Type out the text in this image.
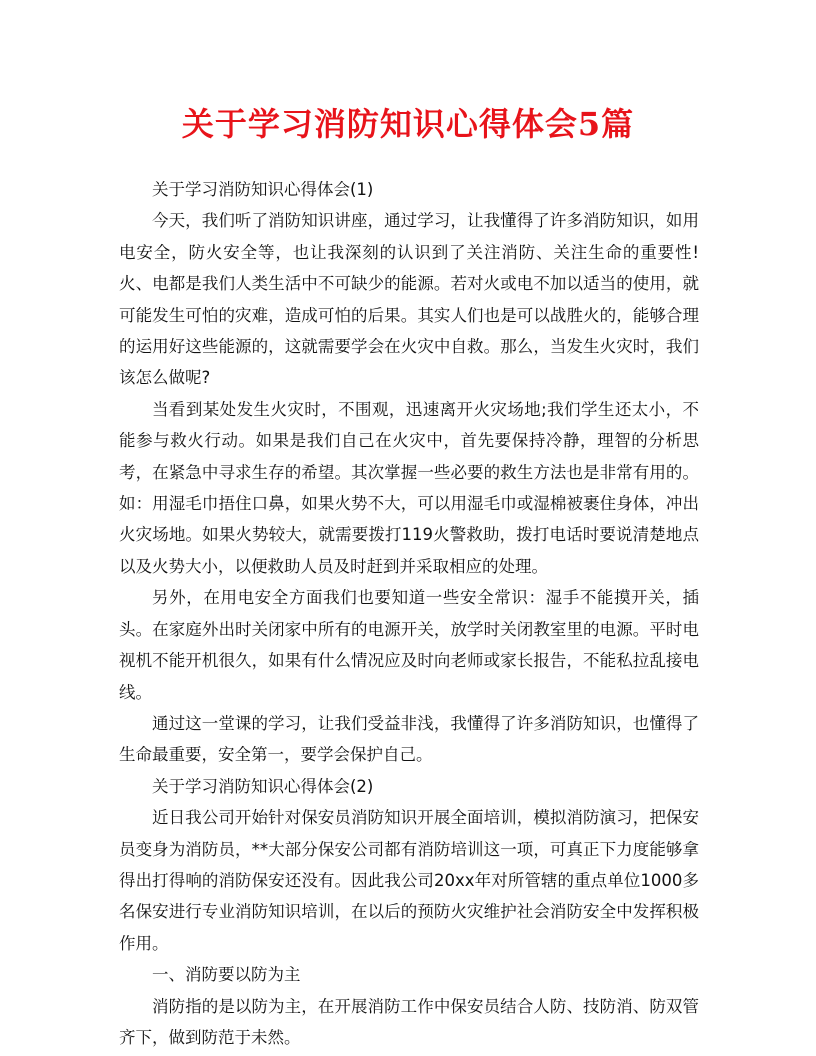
关于学习消防知识心得体会5篇

关于学习消防知识心得体会(1)

今天，我们听了消防知识讲座，通过学习，让我懂得了许多消防知识，如用电安全，防火安全等，也让我深刻的认识到了关注消防、关注生命的重要性!火、电都是我们人类生活中不可缺少的能源。若对火或电不加以适当的使用，就可能发生可怕的灾难，造成可怕的后果。其实人们也是可以战胜火的，能够合理的运用好这些能源的，这就需要学会在火灾中自救。那么，当发生火灾时，我们该怎么做呢?

当看到某处发生火灾时，不围观，迅速离开火灾场地;我们学生还太小，不能参与救火行动。如果是我们自己在火灾中，首先要保持冷静，理智的分析思考，在紧急中寻求生存的希望。其次掌握一些必要的救生方法也是非常有用的。如：用湿毛巾捂住口鼻，如果火势不大，可以用湿毛巾或湿棉被裹住身体，冲出火灾场地。如果火势较大，就需要拨打119火警救助，拨打电话时要说清楚地点以及火势大小，以便救助人员及时赶到并采取相应的处理。

另外，在用电安全方面我们也要知道一些安全常识：湿手不能摸开关，插头。在家庭外出时关闭家中所有的电源开关，放学时关闭教室里的电源。平时电视机不能开机很久，如果有什么情况应及时向老师或家长报告，不能私拉乱接电线。

通过这一堂课的学习，让我们受益非浅，我懂得了许多消防知识，也懂得了生命最重要，安全第一，要学会保护自己。

关于学习消防知识心得体会(2)

近日我公司开始针对保安员消防知识开展全面培训，模拟消防演习，把保安员变身为消防员，**大部分保安公司都有消防培训这一项，可真正下力度能够拿得出打得响的消防保安还没有。因此我公司20xx年对所管辖的重点单位1000多名保安进行专业消防知识培训，在以后的预防火灾维护社会消防安全中发挥积极作用。

一、消防要以防为主

消防指的是以防为主，在开展消防工作中保安员结合人防、技防消、防双管齐下，做到防范于未然。
